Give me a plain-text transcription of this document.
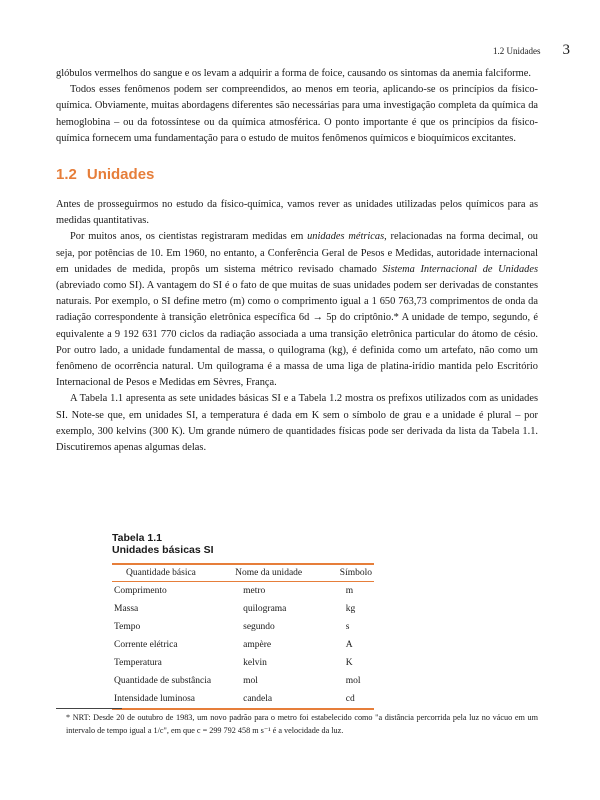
1.2 Unidades 3

glóbulos vermelhos do sangue e os levam a adquirir a forma de foice, causando os sintomas da anemia falciforme.

Todos esses fenômenos podem ser compreendidos, ao menos em teoria, aplicando-se os princípios da físico-química. Obviamente, muitas abordagens diferentes são necessárias para uma investigação completa da química da hemoglobina – ou da fotossíntese ou da química atmosférica. O ponto importante é que os princípios da físico-química fornecem uma fundamentação para o estudo de muitos fenômenos químicos e bioquímicos excitantes.

1.2 Unidades

Antes de prosseguirmos no estudo da físico-química, vamos rever as unidades utilizadas pelos químicos para as medidas quantitativas.

Por muitos anos, os cientistas registraram medidas em unidades métricas, relacionadas na forma decimal, ou seja, por potências de 10. Em 1960, no entanto, a Conferência Geral de Pesos e Medidas, autoridade internacional em unidades de medida, propôs um sistema métrico revisado chamado Sistema Internacional de Unidades (abreviado como SI). A vantagem do SI é o fato de que muitas de suas unidades podem ser derivadas de constantes naturais. Por exemplo, o SI define metro (m) como o comprimento igual a 1 650 763,73 comprimentos de onda da radiação correspondente à transição eletrônica específica 6d → 5p do criptônio.* A unidade de tempo, segundo, é equivalente a 9 192 631 770 ciclos da radiação associada a uma transição eletrônica particular do átomo de césio. Por outro lado, a unidade fundamental de massa, o quilograma (kg), é definida como um artefato, não como um fenômeno de ocorrência natural. Um quilograma é a massa de uma liga de platina-irídio mantida pelo Escritório Internacional de Pesos e Medidas em Sèvres, França.

A Tabela 1.1 apresenta as sete unidades básicas SI e a Tabela 1.2 mostra os prefixos utilizados com as unidades SI. Note-se que, em unidades SI, a temperatura é dada em K sem o símbolo de grau e a unidade é plural – por exemplo, 300 kelvins (300 K). Um grande número de quantidades físicas pode ser derivada da lista da Tabela 1.1. Discutiremos apenas algumas delas.

Tabela 1.1
Unidades básicas SI
Quantidade básica	Nome da unidade	Símbolo
Comprimento	metro	m
Massa	quilograma	kg
Tempo	segundo	s
Corrente elétrica	ampère	A
Temperatura	kelvin	K
Quantidade de substância	mol	mol
Intensidade luminosa	candela	cd
* NRT: Desde 20 de outubro de 1983, um novo padrão para o metro foi estabelecido como "a distância percorrida pela luz no vácuo em um intervalo de tempo igual a 1/c", em que c = 299 792 458 m s⁻¹ é a velocidade da luz.
